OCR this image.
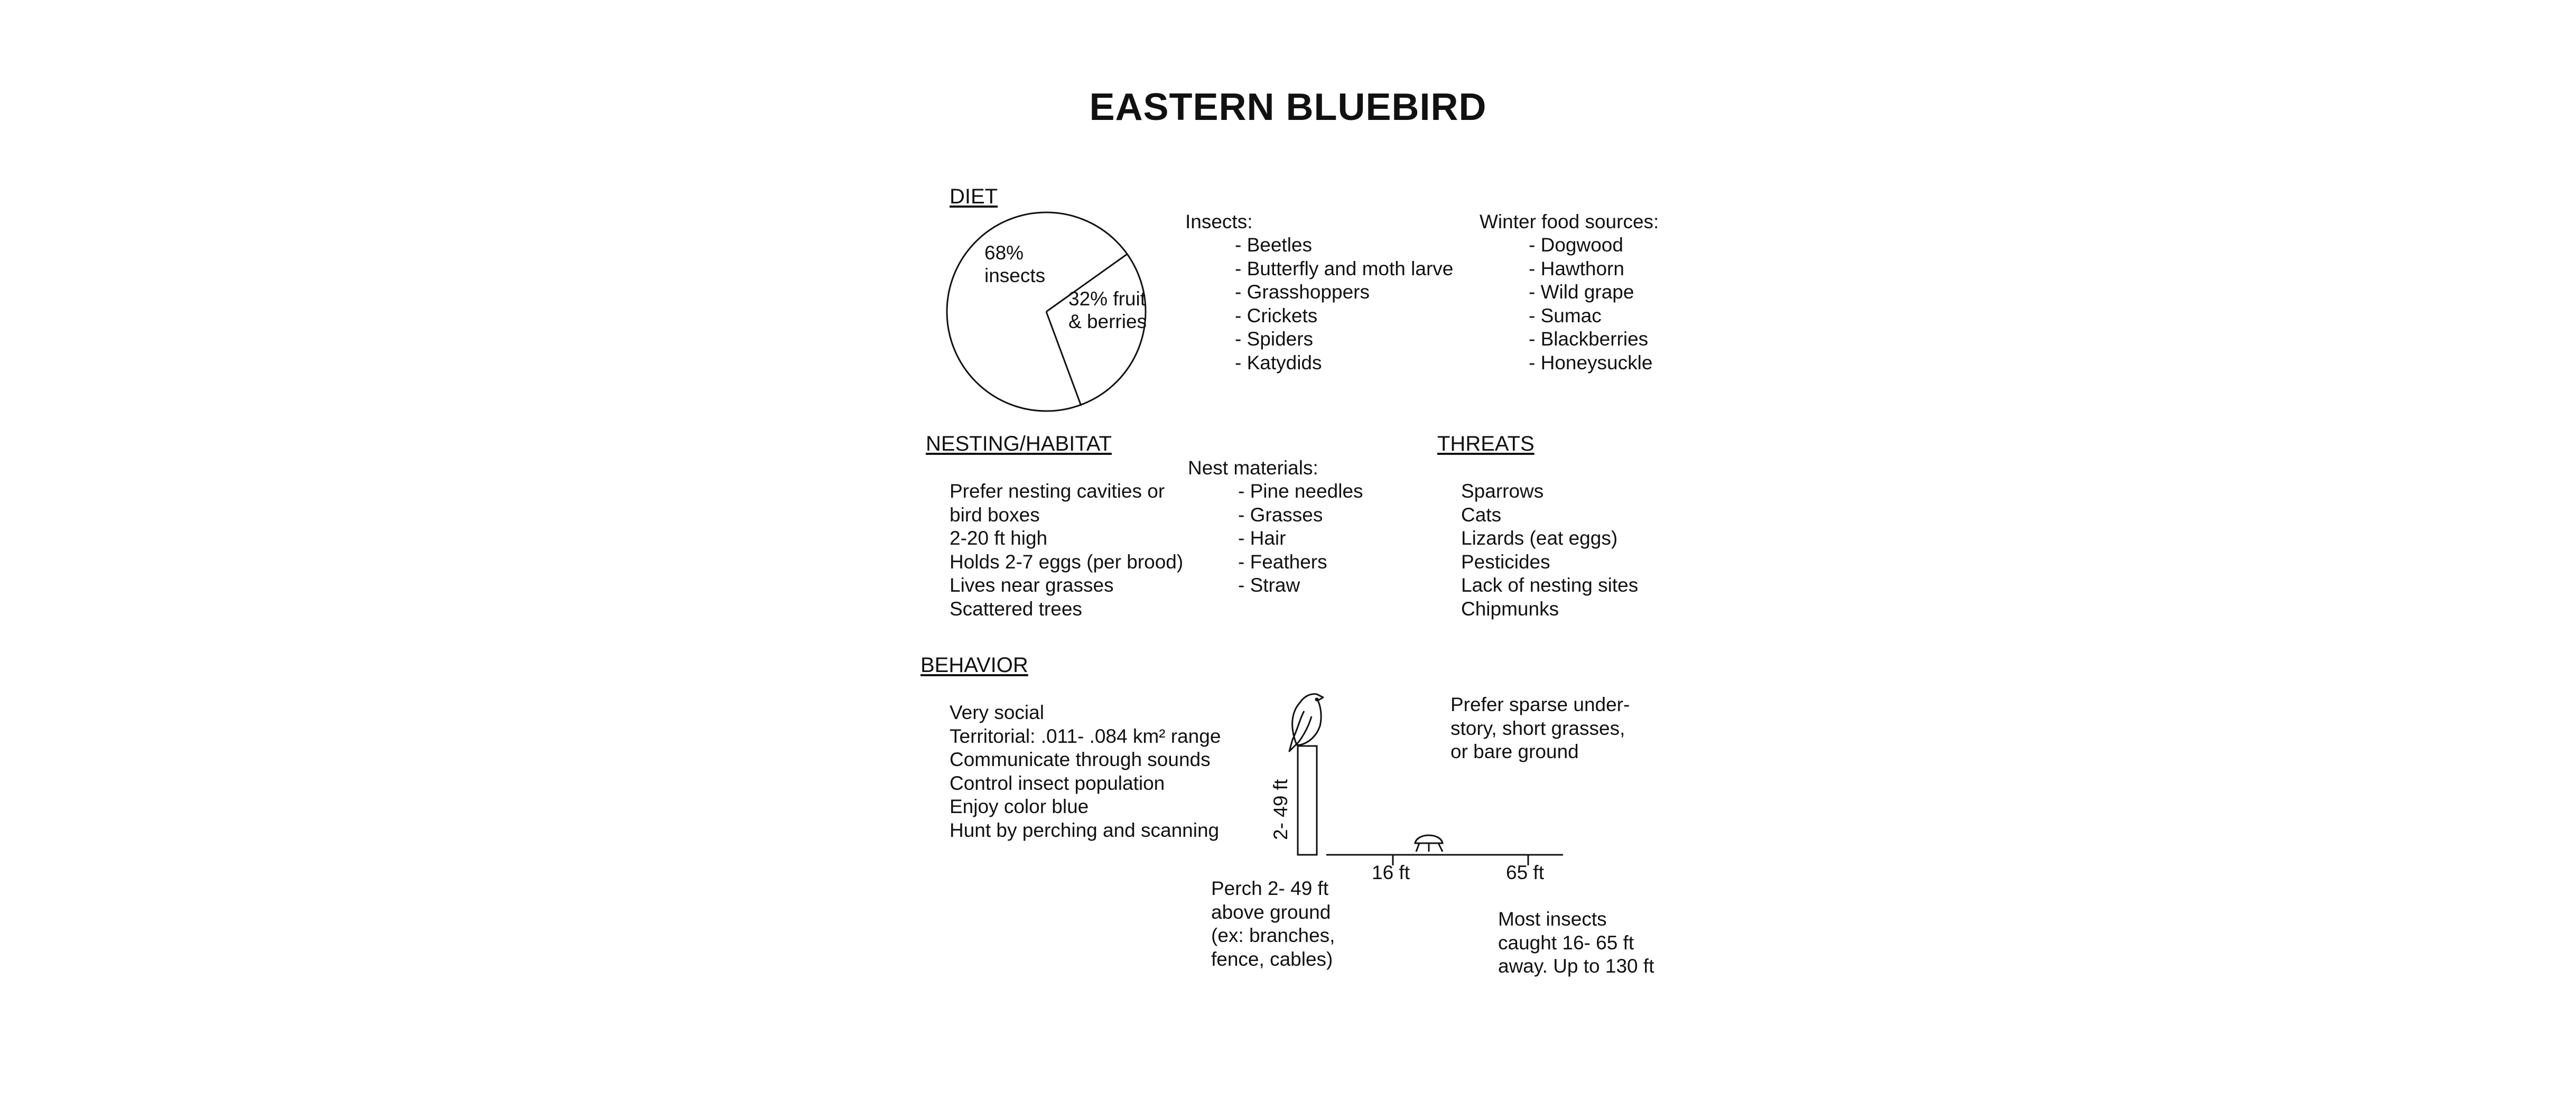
EASTERN BLUEBIRD
DIET
68% insects
32% fruit & berries
Insects:
- Beetles
- Butterfly and moth larve
- Grasshoppers
- Crickets
- Spiders
- Katydids
Winter food sources:
- Dogwood
- Hawthorn
- Wild grape
- Sumac
- Blackberries
- Honeysuckle
NESTING/HABITAT
Prefer nesting cavities or
bird boxes
2-20 ft high
Holds 2-7 eggs (per brood)
Lives near grasses
Scattered trees
Nest materials:
- Pine needles
- Grasses
- Hair
- Feathers
- Straw
THREATS
Sparrows
Cats
Lizards (eat eggs)
Pesticides
Lack of nesting sites
Chipmunks
BEHAVIOR
Very social
Territorial: .011- .084 km² range
Communicate through sounds
Control insect population
Enjoy color blue
Hunt by perching and scanning	2- 49 ft
16 ft	65 ft
Prefer sparse under-
story, short grasses,
or bare ground
Perch 2- 49 ft
above ground
(ex: branches,
fence, cables)
Most insects
caught 16- 65 ft
away. Up to 130 ft
